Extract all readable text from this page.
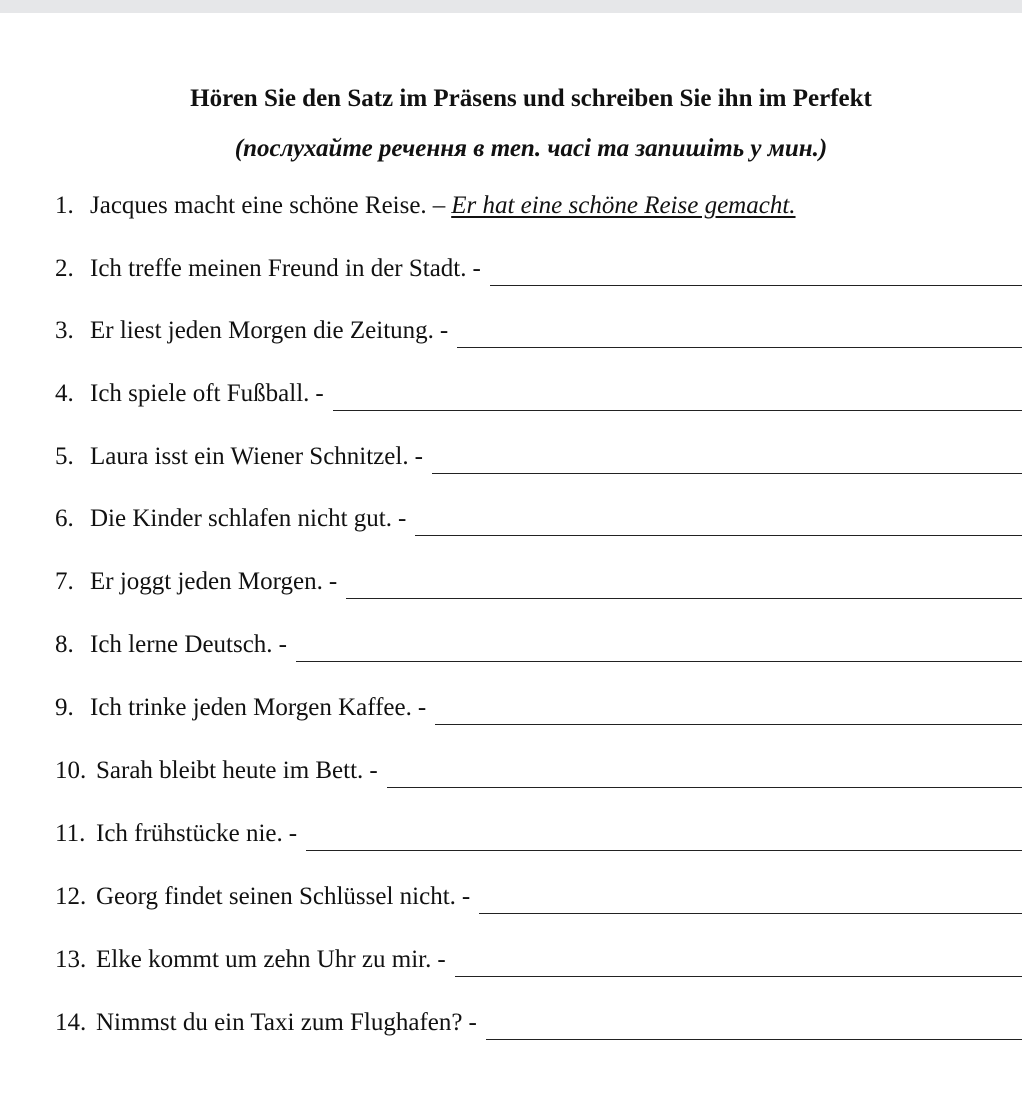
Hören Sie den Satz im Präsens und schreiben Sie ihn im Perfekt
(послухайте речення в теп. часі та запишіть у мин.)
1. Jacques macht eine schöne Reise. – Er hat eine schöne Reise gemacht.
2. Ich treffe meinen Freund in der Stadt. -
3. Er liest jeden Morgen die Zeitung. -
4. Ich spiele oft Fußball. -
5. Laura isst ein Wiener Schnitzel. -
6. Die Kinder schlafen nicht gut. -
7. Er joggt jeden Morgen. -
8. Ich lerne Deutsch. -
9. Ich trinke jeden Morgen Kaffee. -
10. Sarah bleibt heute im Bett. -
11. Ich frühstücke nie. -
12. Georg findet seinen Schlüssel nicht. -
13. Elke kommt um zehn Uhr zu mir. -
14. Nimmst du ein Taxi zum Flughafen? -
